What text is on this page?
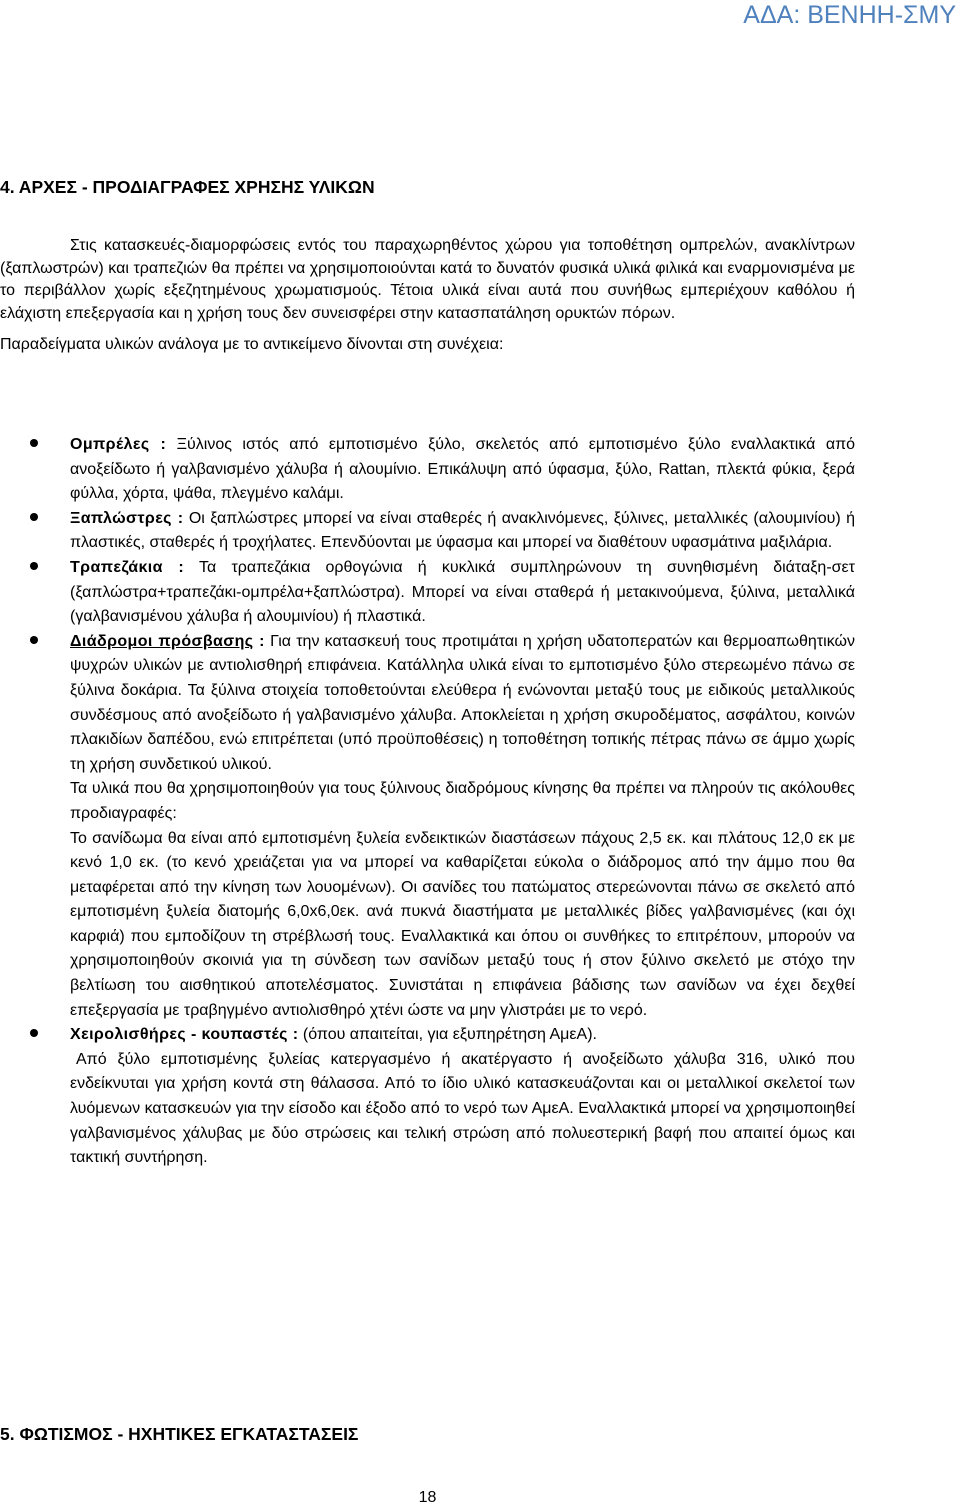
ΑΔΑ: ΒΕΝΗΗ-ΣΜΥ
4. ΑΡΧΕΣ - ΠΡΟΔΙΑΓΡΑΦΕΣ ΧΡΗΣΗΣ ΥΛΙΚΩΝ

Στις κατασκευές-διαμορφώσεις εντός του παραχωρηθέντος χώρου για τοποθέτηση ομπρελών, ανακλίντρων (ξαπλωστρών) και τραπεζιών θα πρέπει να χρησιμοποιούνται κατά το δυνατόν φυσικά υλικά φιλικά και εναρμονισμένα με το περιβάλλον χωρίς εξεζητημένους χρωματισμούς. Τέτοια υλικά είναι αυτά που συνήθως εμπεριέχουν καθόλου ή ελάχιστη επεξεργασία και η χρήση τους δεν συνεισφέρει στην κατασπατάληση ορυκτών πόρων.

Παραδείγματα υλικών ανάλογα με το αντικείμενο δίνονται στη συνέχεια:

Ομπρέλες : Ξύλινος ιστός από εμποτισμένο ξύλο, σκελετός από εμποτισμένο ξύλο εναλλακτικά από ανοξείδωτο ή γαλβανισμένο χάλυβα ή αλουμίνιο. Επικάλυψη από ύφασμα, ξύλο, Rattan, πλεκτά φύκια, ξερά φύλλα, χόρτα, ψάθα, πλεγμένο καλάμι.

Ξαπλώστρες : Οι ξαπλώστρες μπορεί να είναι σταθερές ή ανακλινόμενες, ξύλινες, μεταλλικές (αλουμινίου) ή πλαστικές, σταθερές ή τροχήλατες. Επενδύονται με ύφασμα και μπορεί να διαθέτουν υφασμάτινα μαξιλάρια.

Τραπεζάκια : Τα τραπεζάκια ορθογώνια ή κυκλικά συμπληρώνουν τη συνηθισμένη διάταξη-σετ (ξαπλώστρα+τραπεζάκι-ομπρέλα+ξαπλώστρα). Μπορεί να είναι σταθερά ή μετακινούμενα, ξύλινα, μεταλλικά (γαλβανισμένου χάλυβα ή αλουμινίου) ή πλαστικά.

Διάδρομοι πρόσβασης : Για την κατασκευή τους προτιμάται η χρήση υδατοπερατών και θερμοαπωθητικών ψυχρών υλικών με αντιολισθηρή επιφάνεια. Κατάλληλα υλικά είναι το εμποτισμένο ξύλο στερεωμένο πάνω σε ξύλινα δοκάρια. Τα ξύλινα στοιχεία τοποθετούνται ελεύθερα ή ενώνονται μεταξύ τους με ειδικούς μεταλλικούς συνδέσμους από ανοξείδωτο ή γαλβανισμένο χάλυβα. Αποκλείεται η χρήση σκυροδέματος, ασφάλτου, κοινών πλακιδίων δαπέδου, ενώ επιτρέπεται (υπό προϋποθέσεις) η τοποθέτηση τοπικής πέτρας πάνω σε άμμο χωρίς τη χρήση συνδετικού υλικού.

Τα υλικά που θα χρησιμοποιηθούν για τους ξύλινους διαδρόμους κίνησης θα πρέπει να πληρούν τις ακόλουθες προδιαγραφές:

Το σανίδωμα θα είναι από εμποτισμένη ξυλεία ενδεικτικών διαστάσεων πάχους 2,5 εκ. και πλάτους 12,0 εκ με κενό 1,0 εκ. (το κενό χρειάζεται για να μπορεί να καθαρίζεται εύκολα ο διάδρομος από την άμμο που θα μεταφέρεται από την κίνηση των λουομένων). Οι σανίδες του πατώματος στερεώνονται πάνω σε σκελετό από εμποτισμένη ξυλεία διατομής 6,0x6,0εκ. ανά πυκνά διαστήματα με μεταλλικές βίδες γαλβανισμένες (και όχι καρφιά) που εμποδίζουν τη στρέβλωσή τους. Εναλλακτικά και όπου οι συνθήκες το επιτρέπουν, μπορούν να χρησιμοποιηθούν σκοινιά για τη σύνδεση των σανίδων μεταξύ τους ή στον ξύλινο σκελετό με στόχο την βελτίωση του αισθητικού αποτελέσματος. Συνιστάται η επιφάνεια βάδισης των σανίδων να έχει δεχθεί επεξεργασία με τραβηγμένο αντιολισθηρό χτένι ώστε να μην γλιστράει με το νερό.

Χειρολισθήρες - κουπαστές : (όπου απαιτείται, για εξυπηρέτηση ΑμεΑ).

Από ξύλο εμποτισμένης ξυλείας κατεργασμένο ή ακατέργαστο ή ανοξείδωτο χάλυβα 316, υλικό που ενδείκνυται για χρήση κοντά στη θάλασσα. Από το ίδιο υλικό κατασκευάζονται και οι μεταλλικοί σκελετοί των λυόμενων κατασκευών για την είσοδο και έξοδο από το νερό των ΑμεΑ. Εναλλακτικά μπορεί να χρησιμοποιηθεί γαλβανισμένος χάλυβας με δύο στρώσεις και τελική στρώση από πολυεστερική βαφή που απαιτεί όμως και τακτική συντήρηση.

5. ΦΩΤΙΣΜΟΣ - ΗΧΗΤΙΚΕΣ ΕΓΚΑΤΑΣΤΑΣΕΙΣ
18
